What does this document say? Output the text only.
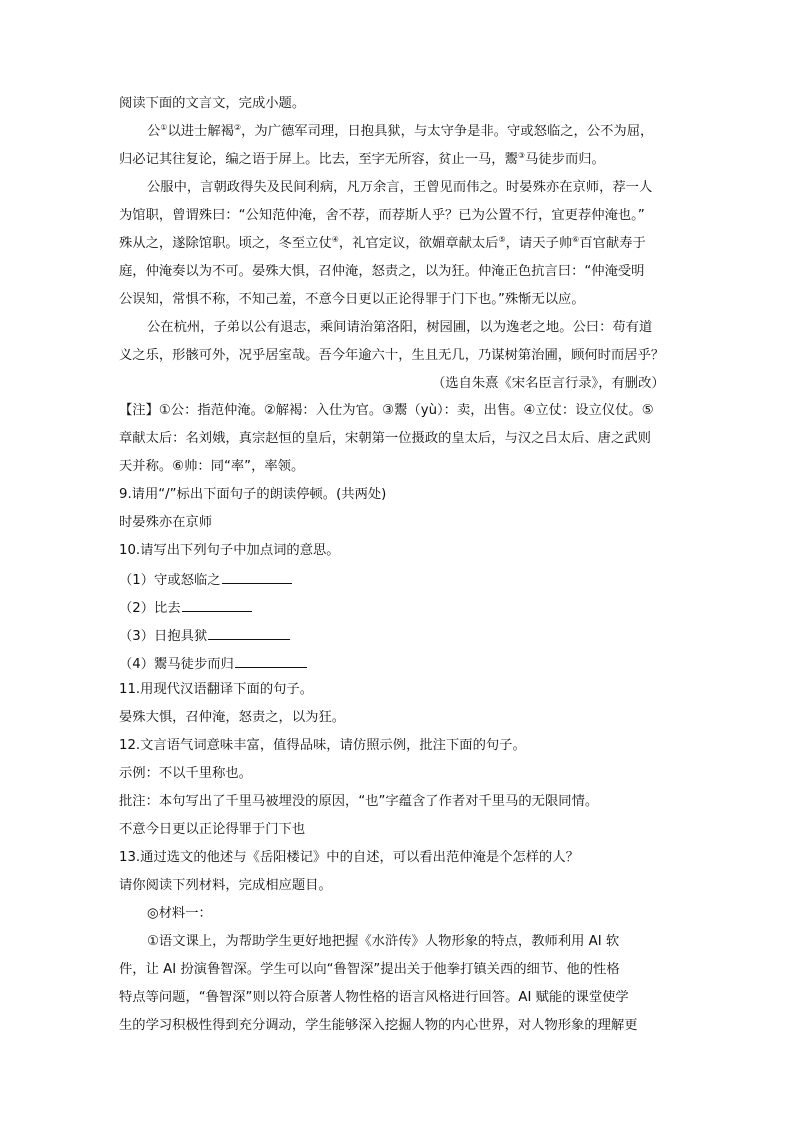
阅读下面的文言文，完成小题。
公①以进士解褐②，为广德军司理，日抱具狱，与太守争是非。守或怒临之，公不为屈，
归必记其往复论，编之语于屏上。比去，至字无所容，贫止一马，鬻③马徒步而归。
公服中，言朝政得失及民间利病，凡万余言，王曾见而伟之。时晏殊亦在京师，荐一人
为馆职，曾谓殊曰：“公知范仲淹，舍不荐，而荐斯人乎？已为公置不行，宜更荐仲淹也。”
殊从之，遂除馆职。顷之，冬至立仗④，礼官定议，欲媚章献太后⑤，请天子帅⑥百官献寿于
庭，仲淹奏以为不可。晏殊大惧，召仲淹，怒责之，以为狂。仲淹正色抗言曰：“仲淹受明
公误知，常惧不称，不知己羞，不意今日更以正论得罪于门下也。”殊惭无以应。
公在杭州，子弟以公有退志，乘间请治第洛阳，树园圃，以为逸老之地。公曰：苟有道
义之乐，形骸可外，况乎居室哉。吾今年逾六十，生且无几，乃谋树第治圃，顾何时而居乎？
（选自朱熹《宋名臣言行录》，有删改）
【注】①公：指范仲淹。②解褐：入仕为官。③鬻（yù）：卖，出售。④立仗：设立仪仗。⑤
章献太后：名刘娥，真宗赵恒的皇后，宋朝第一位摄政的皇太后，与汉之吕太后、唐之武则
天并称。⑥帅：同“率”，率领。
9.请用“/”标出下面句子的朗读停顿。(共两处)
时晏殊亦在京师
10.请写出下列句子中加点词的意思。
（1）守或怒临之
（2）比去
（3）日抱具狱
（4）鬻马徒步而归
11.用现代汉语翻译下面的句子。
晏殊大惧，召仲淹，怒责之，以为狂。
12.文言语气词意味丰富，值得品味，请仿照示例，批注下面的句子。
示例：不以千里称也。
批注：本句写出了千里马被埋没的原因，“也”字蕴含了作者对千里马的无限同情。
不意今日更以正论得罪于门下也
13.通过选文的他述与《岳阳楼记》中的自述，可以看出范仲淹是个怎样的人？
请你阅读下列材料，完成相应题目。
◎材料一：
①语文课上，为帮助学生更好地把握《水浒传》人物形象的特点，教师利用 AI 软
件，让 AI 扮演鲁智深。学生可以向“鲁智深”提出关于他拳打镇关西的细节、他的性格
特点等问题，“鲁智深”则以符合原著人物性格的语言风格进行回答。AI 赋能的课堂使学
生的学习积极性得到充分调动，学生能够深入挖掘人物的内心世界，对人物形象的理解更
